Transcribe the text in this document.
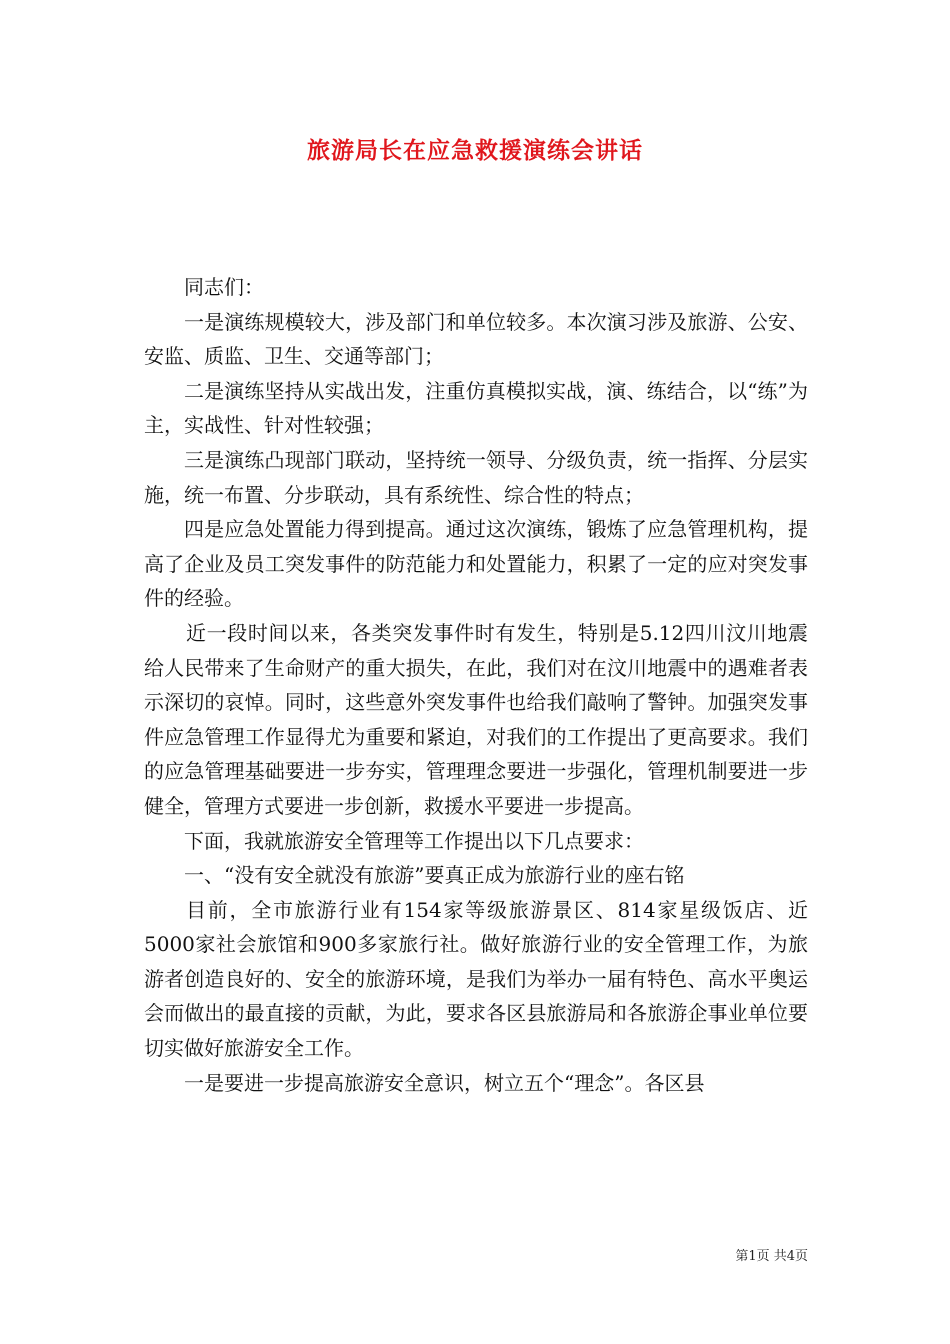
旅游局长在应急救援演练会讲话

同志们：

一是演练规模较大，涉及部门和单位较多。本次演习涉及旅游、公安、安监、质监、卫生、交通等部门；

二是演练坚持从实战出发，注重仿真模拟实战，演、练结合，以“练”为主，实战性、针对性较强；

三是演练凸现部门联动，坚持统一领导、分级负责，统一指挥、分层实施，统一布置、分步联动，具有系统性、综合性的特点；

四是应急处置能力得到提高。通过这次演练，锻炼了应急管理机构，提高了企业及员工突发事件的防范能力和处置能力，积累了一定的应对突发事件的经验。

近一段时间以来，各类突发事件时有发生，特别是5.12四川汶川地震给人民带来了生命财产的重大损失，在此，我们对在汶川地震中的遇难者表示深切的哀悼。同时，这些意外突发事件也给我们敲响了警钟。加强突发事件应急管理工作显得尤为重要和紧迫，对我们的工作提出了更高要求。我们的应急管理基础要进一步夯实，管理理念要进一步强化，管理机制要进一步健全，管理方式要进一步创新，救援水平要进一步提高。

下面，我就旅游安全管理等工作提出以下几点要求：

一、“没有安全就没有旅游”要真正成为旅游行业的座右铭

目前，全市旅游行业有154家等级旅游景区、814家星级饭店、近5000家社会旅馆和900多家旅行社。做好旅游行业的安全管理工作，为旅游者创造良好的、安全的旅游环境，是我们为举办一届有特色、高水平奥运会而做出的最直接的贡献，为此，要求各区县旅游局和各旅游企事业单位要切实做好旅游安全工作。

一是要进一步提高旅游安全意识，树立五个“理念”。各区县

第1页 共4页
